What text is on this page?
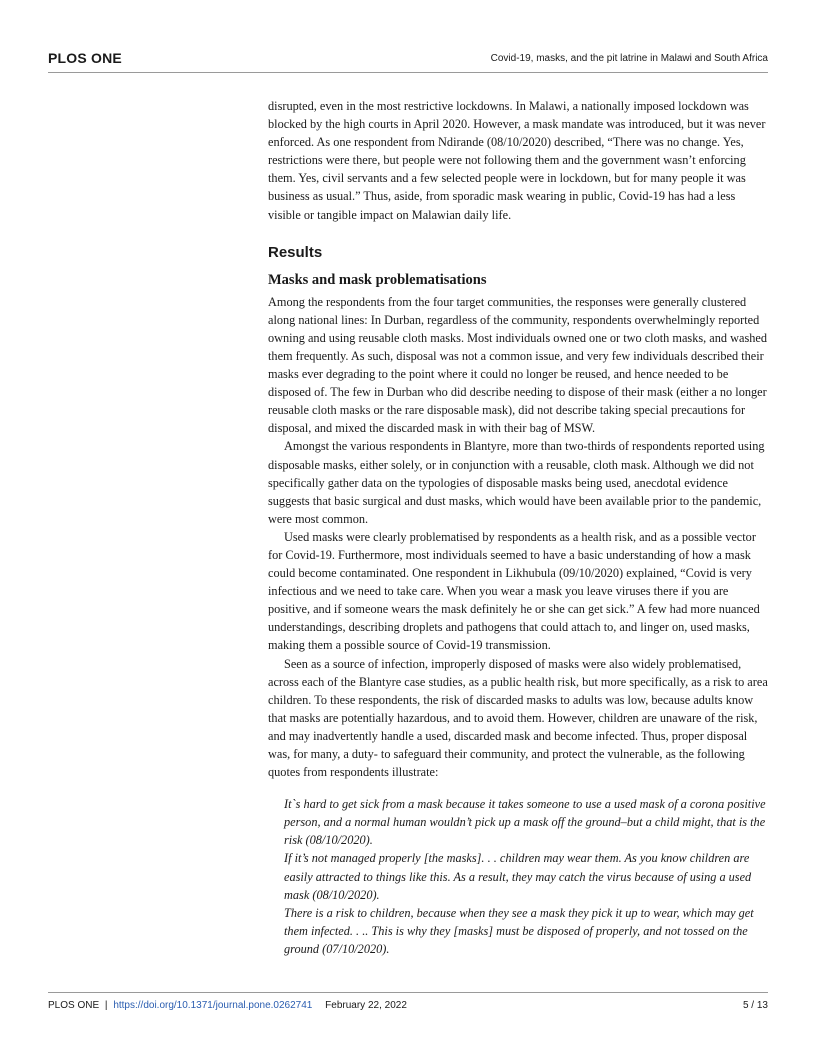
PLOS ONE	Covid-19, masks, and the pit latrine in Malawi and South Africa

disrupted, even in the most restrictive lockdowns. In Malawi, a nationally imposed lockdown was blocked by the high courts in April 2020. However, a mask mandate was introduced, but it was never enforced. As one respondent from Ndirande (08/10/2020) described, “There was no change. Yes, restrictions were there, but people were not following them and the government wasn’t enforcing them. Yes, civil servants and a few selected people were in lockdown, but for many people it was business as usual.” Thus, aside, from sporadic mask wearing in public, Covid-19 has had a less visible or tangible impact on Malawian daily life.

Results
Masks and mask problematisations

Among the respondents from the four target communities, the responses were generally clustered along national lines: In Durban, regardless of the community, respondents overwhelmingly reported owning and using reusable cloth masks. Most individuals owned one or two cloth masks, and washed them frequently. As such, disposal was not a common issue, and very few individuals described their masks ever degrading to the point where it could no longer be reused, and hence needed to be disposed of. The few in Durban who did describe needing to dispose of their mask (either a no longer reusable cloth masks or the rare disposable mask), did not describe taking special precautions for disposal, and mixed the discarded mask in with their bag of MSW.

Amongst the various respondents in Blantyre, more than two-thirds of respondents reported using disposable masks, either solely, or in conjunction with a reusable, cloth mask. Although we did not specifically gather data on the typologies of disposable masks being used, anecdotal evidence suggests that basic surgical and dust masks, which would have been available prior to the pandemic, were most common.

Used masks were clearly problematised by respondents as a health risk, and as a possible vector for Covid-19. Furthermore, most individuals seemed to have a basic understanding of how a mask could become contaminated. One respondent in Likhubula (09/10/2020) explained, “Covid is very infectious and we need to take care. When you wear a mask you leave viruses there if you are positive, and if someone wears the mask definitely he or she can get sick.” A few had more nuanced understandings, describing droplets and pathogens that could attach to, and linger on, used masks, making them a possible source of Covid-19 transmission.

Seen as a source of infection, improperly disposed of masks were also widely problematised, across each of the Blantyre case studies, as a public health risk, but more specifically, as a risk to area children. To these respondents, the risk of discarded masks to adults was low, because adults know that masks are potentially hazardous, and to avoid them. However, children are unaware of the risk, and may inadvertently handle a used, discarded mask and become infected. Thus, proper disposal was, for many, a duty- to safeguard their community, and protect the vulnerable, as the following quotes from respondents illustrate:

It`s hard to get sick from a mask because it takes someone to use a used mask of a corona positive person, and a normal human wouldn’t pick up a mask off the ground–but a child might, that is the risk (08/10/2020).

If it’s not managed properly [the masks]. . . children may wear them. As you know children are easily attracted to things like this. As a result, they may catch the virus because of using a used mask (08/10/2020).

There is a risk to children, because when they see a mask they pick it up to wear, which may get them infected. . .. This is why they [masks] must be disposed of properly, and not tossed on the ground (07/10/2020).

PLOS ONE | https://doi.org/10.1371/journal.pone.0262741 February 22, 2022	5 / 13
